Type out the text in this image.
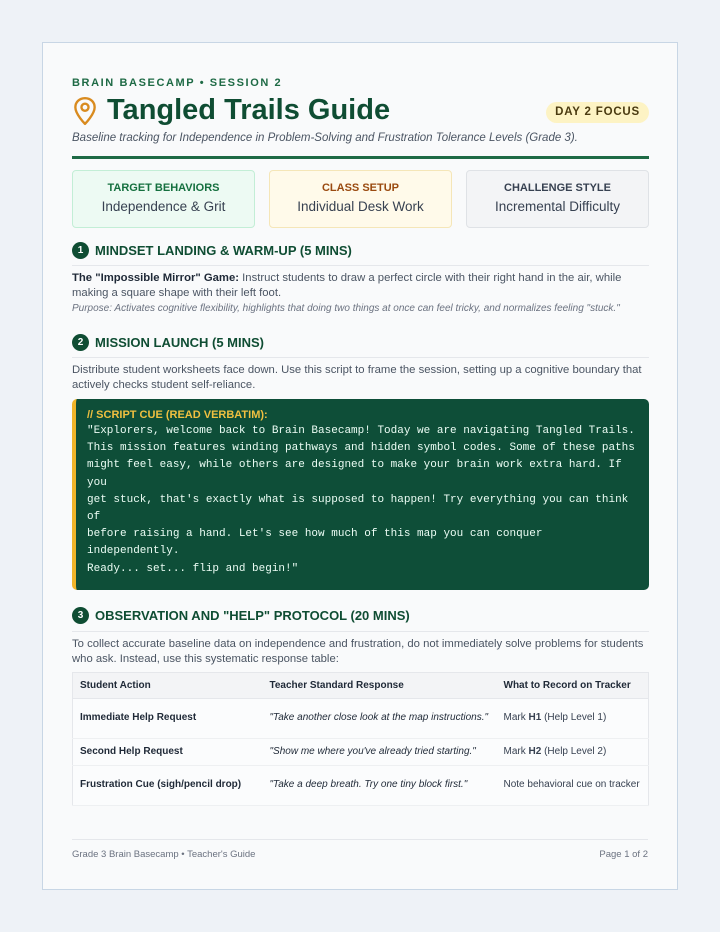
BRAIN BASECAMP • SESSION 2
Tangled Trails Guide	DAY 2 FOCUS
Baseline tracking for Independence in Problem-Solving and Frustration Tolerance Levels (Grade 3).
TARGET BEHAVIORS
Independence & Grit
CLASS SETUP
Individual Desk Work
CHALLENGE STYLE
Incremental Difficulty
1 MINDSET LANDING & WARM-UP (5 MINS)
The "Impossible Mirror" Game: Instruct students to draw a perfect circle with their right hand in the air, while making a square shape with their left foot.
Purpose: Activates cognitive flexibility, highlights that doing two things at once can feel tricky, and normalizes feeling "stuck."
2 MISSION LAUNCH (5 MINS)
Distribute student worksheets face down. Use this script to frame the session, setting up a cognitive boundary that actively checks student self-reliance.
// SCRIPT CUE (READ VERBATIM):
"Explorers, welcome back to Brain Basecamp! Today we are navigating Tangled Trails.
This mission features winding pathways and hidden symbol codes. Some of these paths
might feel easy, while others are designed to make your brain work extra hard. If you
get stuck, that's exactly what is supposed to happen! Try everything you can think of
before raising a hand. Let's see how much of this map you can conquer independently.
Ready... set... flip and begin!"
3 OBSERVATION AND "HELP" PROTOCOL (20 MINS)
To collect accurate baseline data on independence and frustration, do not immediately solve problems for students who ask. Instead, use this systematic response table:
Student Action	Teacher Standard Response	What to Record on Tracker
Immediate Help Request	"Take another close look at the map instructions."	Mark H1 (Help Level 1)
Second Help Request	"Show me where you've already tried starting."	Mark H2 (Help Level 2)
Frustration Cue (sigh/pencil drop)	"Take a deep breath. Try one tiny block first."	Note behavioral cue on tracker
Grade 3 Brain Basecamp • Teacher's Guide	Page 1 of 2
